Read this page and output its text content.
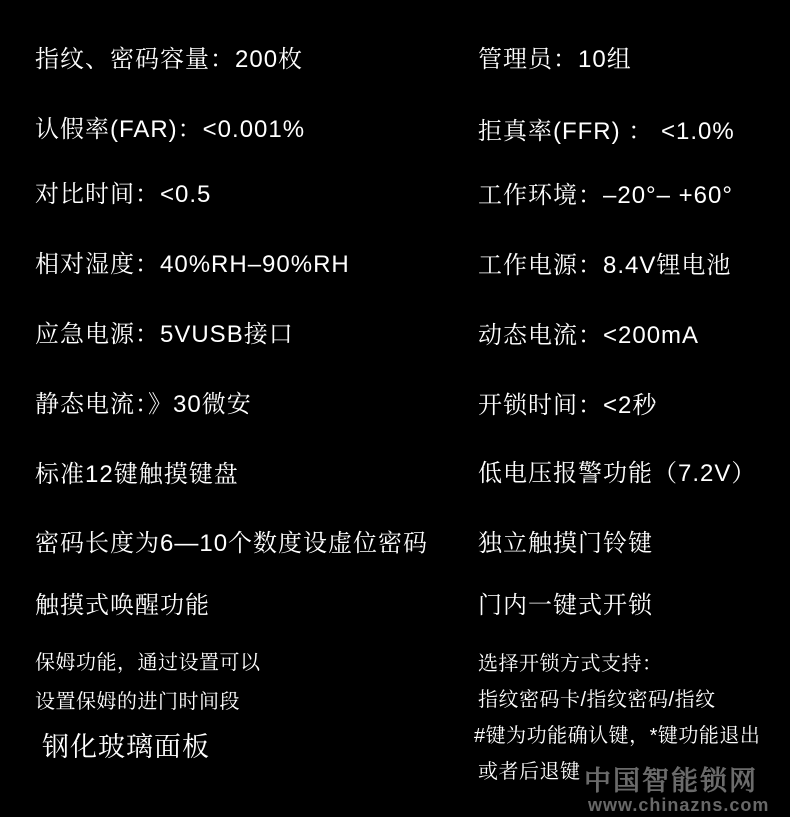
指纹、密码容量：200枚
认假率(FAR)：<0.001%
对比时间：<0.5
相对湿度：40%RH–90%RH
应急电源：5VUSB接口
静态电流：》30微安
标准12键触摸键盘
密码长度为6—10个数度设虚位密码
触摸式唤醒功能
保姆功能，通过设置可以
设置保姆的进门时间段
钢化玻璃面板
管理员：10组
拒真率(FFR) ： <1.0%
工作环境：–20°– +60°
工作电源：8.4V锂电池
动态电流：<200mA
开锁时间：<2秒
低电压报警功能（7.2V）
独立触摸门铃键
门内一键式开锁
选择开锁方式支持：
指纹密码卡/指纹密码/指纹
#键为功能确认键，*键功能退出
或者后退键 中国智能锁网
www.chinazns.com
